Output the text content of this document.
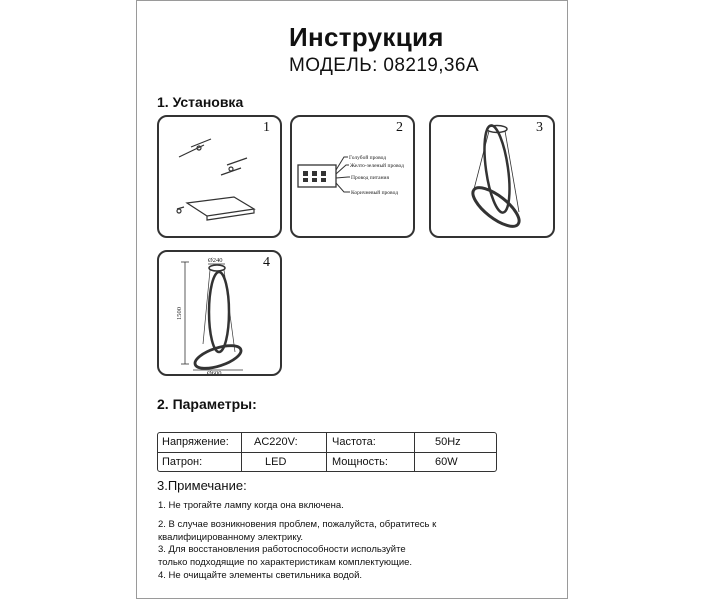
Инструкция
МОДЕЛЬ: 08219,36A
1. Установка
1
Голубой провод
Желто-зеленый провод
Провод питания
Коричневый провод
2	3
Ø240
1500
Ø600
4
2. Параметры:
Напряжение: AC220V:	Частота:	50Hz
Патрон:	LED	Мощность:	60W
3.Примечание:
1. Не трогайте лампу когда она включена.
2. В случае возникновения проблем, пожалуйста, обратитесь к
квалифицированному электрику.
3. Для восстановления работоспособности используйте
только подходящие по характеристикам комплектующие.
4. Не очищайте элементы светильника водой.
